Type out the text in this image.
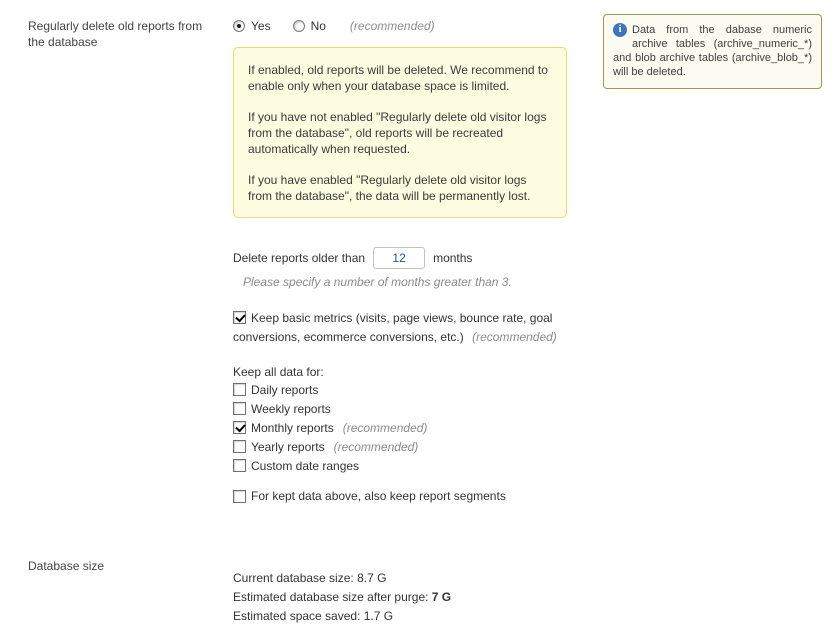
Regularly delete old reports from the database
Yes	No (recommended)

If enabled, old reports will be deleted. We recommend to enable only when your database space is limited.

If you have not enabled "Regularly delete old visitor logs from the database", old reports will be recreated automatically when requested.

If you have enabled "Regularly delete old visitor logs from the database", the data will be permanently lost.

Delete reports older than
12	months
Please specify a number of months greater than 3.
Keep basic metrics (visits, page views, bounce rate, goal conversions, ecommerce conversions, etc.) (recommended)
Keep all data for:
Daily reports
Weekly reports
Monthly reports (recommended)
Yearly reports (recommended)
Custom date ranges
For kept data above, also keep report segments
i Data from the dabase numeric archive tables (archive_numeric_*) and blob archive tables (archive_blob_*) will be deleted.
Database size
Current database size: 8.7 G
Estimated database size after purge: 7 G
Estimated space saved: 1.7 G
